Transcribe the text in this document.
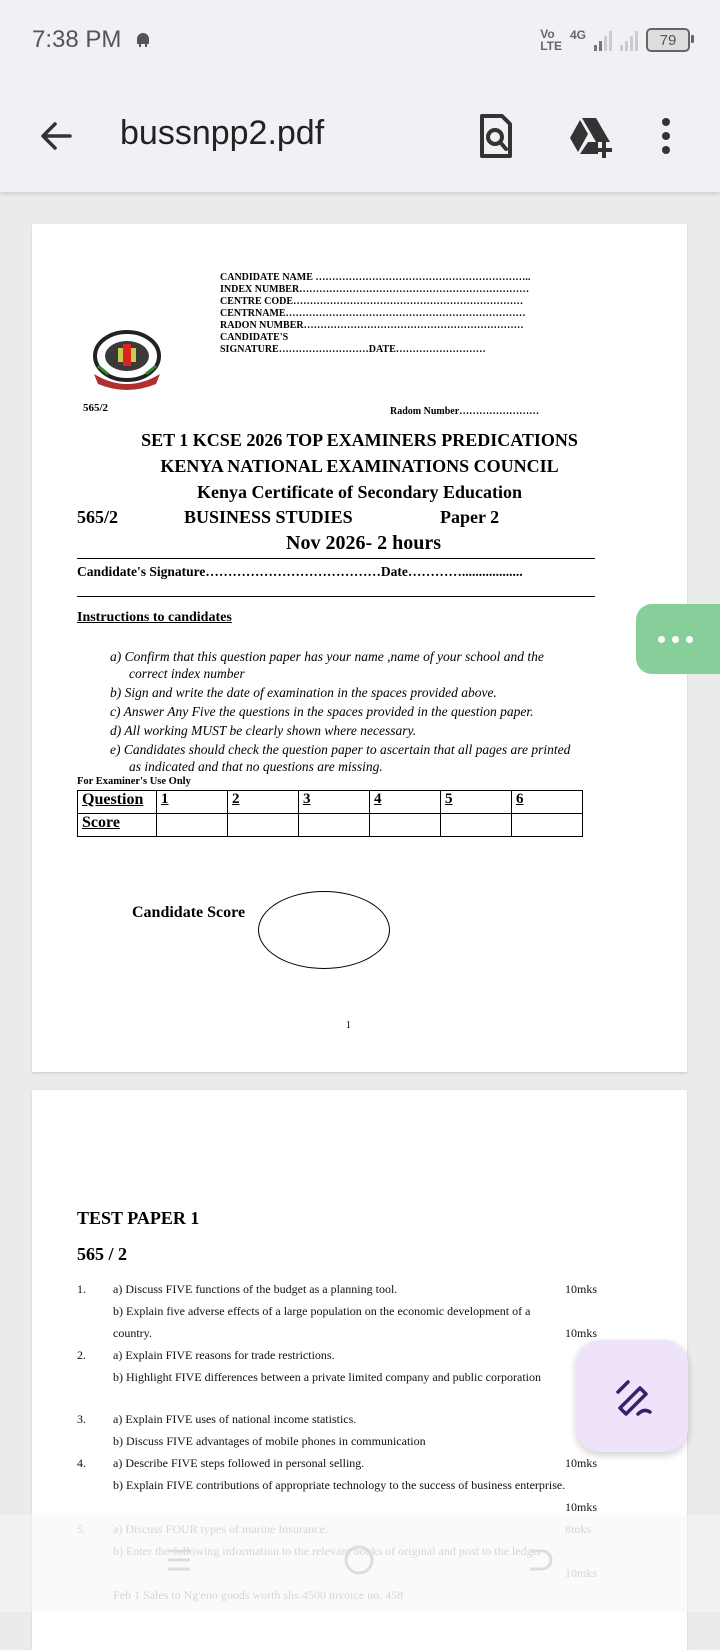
7:38 PM	Vo
LTE
4G	79
bussnpp2.pdf
CANDIDATE NAME ………………………………………………………..
INDEX NUMBER……………………………………………………………
CENTRE CODE……………………………………………………………
CENTRNAME………………………………………………………………
RADON NUMBER…………………………………………………………
CANDIDATE'S
SIGNATURE………………………DATE………………………
565/2	Radom Number……………………
SET 1 KCSE 2026 TOP EXAMINERS PREDICATIONS
KENYA NATIONAL EXAMINATIONS COUNCIL
Kenya Certificate of Secondary Education
565/2	BUSINESS STUDIES	Paper 2
Nov 2026- 2 hours
Candidate's Signature…………………………………Date…………..................
Instructions to candidates
a) Confirm that this question paper has your name ,name of your school and the
correct index number
b) Sign and write the date of examination in the spaces provided above.
c) Answer Any Five the questions in the spaces provided in the question paper.
d) All working MUST be clearly shown where necessary.
e) Candidates should check the question paper to ascertain that all pages are printed
as indicated and that no questions are missing.
For Examiner's Use Only
Question	1	2	3	4	5	6
Score						
Candidate Score
1
TEST PAPER 1
565 / 2
1. a) Discuss FIVE functions of the budget as a planning tool.	10mks
b) Explain five adverse effects of a large population on the economic development of a
country.	10mks
2. a) Explain FIVE reasons for trade restrictions.
b) Highlight FIVE differences between a private limited company and public corporation
3. a) Explain FIVE uses of national income statistics.
b) Discuss FIVE advantages of mobile phones in communication
4. a) Describe FIVE steps followed in personal selling.	10mks
b) Explain FIVE contributions of appropriate technology to the success of business enterprise.
10mks
